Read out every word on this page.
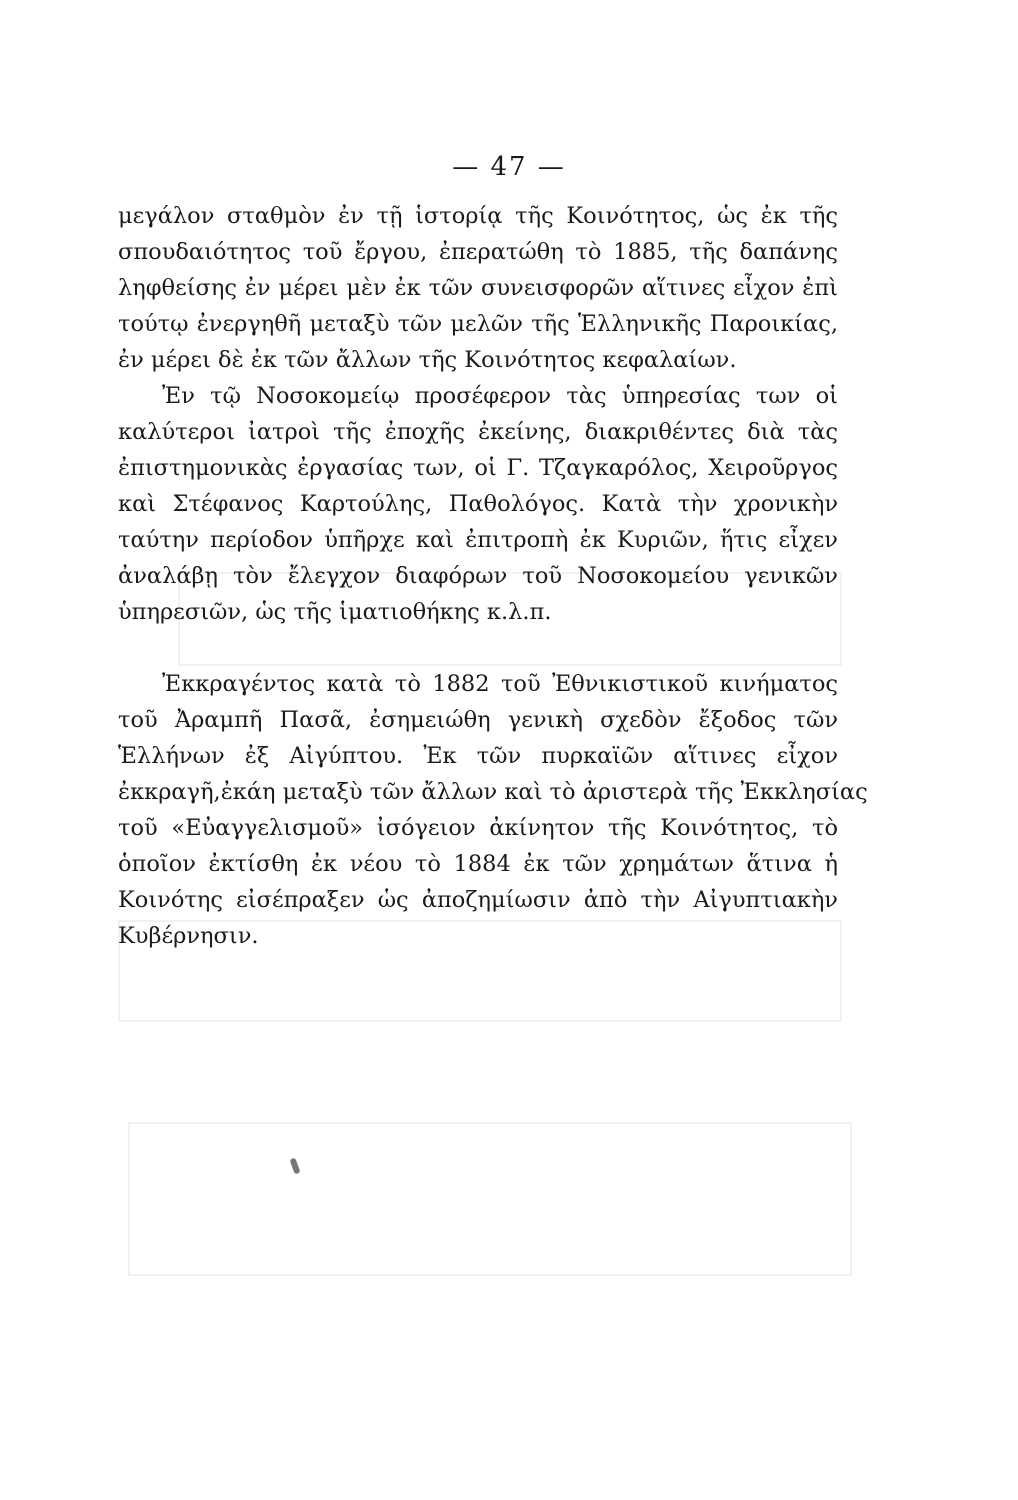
— 47 —
μεγάλον σταθμὸν ἐν τῇ ἱστορίᾳ τῆς Κοινότητος, ὡς ἐκ τῆς
σπουδαιότητος τοῦ ἔργου, ἐπερατώθη τὸ 1885, τῆς δαπάνης
ληφθείσης ἐν μέρει μὲν ἐκ τῶν συνεισφορῶν αἵτινες εἶχον ἐπὶ
τούτῳ ἐνεργηθῆ μεταξὺ τῶν μελῶν τῆς Ἑλληνικῆς Παροικίας,
ἐν μέρει δὲ ἐκ τῶν ἄλλων τῆς Κοινότητος κεφαλαίων.
Ἐν τῷ Νοσοκομείῳ προσέφερον τὰς ὑπηρεσίας των οἱ
καλύτεροι ἰατροὶ τῆς ἐποχῆς ἐκείνης, διακριθέντες διὰ τὰς
ἐπιστημονικὰς ἐργασίας των, οἱ Γ. Τζαγκαρόλος, Χειροῦργος
καὶ Στέφανος Καρτούλης, Παθολόγος. Κατὰ τὴν χρονικὴν
ταύτην περίοδον ὑπῆρχε καὶ ἐπιτροπὴ ἐκ Κυριῶν, ἥτις εἶχεν
ἀναλάβῃ τὸν ἔλεγχον διαφόρων τοῦ Νοσοκομείου γενικῶν
ὑπηρεσιῶν, ὡς τῆς ἱματιοθήκης κ.λ.π.
Ἐκκραγέντος κατὰ τὸ 1882 τοῦ Ἐθνικιστικοῦ κινήματος
τοῦ Ἀραμπῆ Πασᾶ, ἐσημειώθη γενικὴ σχεδὸν ἔξοδος τῶν
Ἑλλήνων ἐξ Αἰγύπτου. Ἐκ τῶν πυρκαϊῶν αἵτινες εἶχον
ἐκκραγῆ,ἐκάη μεταξὺ τῶν ἄλλων καὶ τὸ ἀριστερὰ τῆς Ἐκκλησίας
τοῦ «Εὐαγγελισμοῦ» ἰσόγειον ἀκίνητον τῆς Κοινότητος, τὸ
ὁποῖον ἐκτίσθη ἐκ νέου τὸ 1884 ἐκ τῶν χρημάτων ἅτινα ἡ
Κοινότης εἰσέπραξεν ὡς ἀποζημίωσιν ἀπὸ τὴν Αἰγυπτιακὴν
Κυβέρνησιν.
